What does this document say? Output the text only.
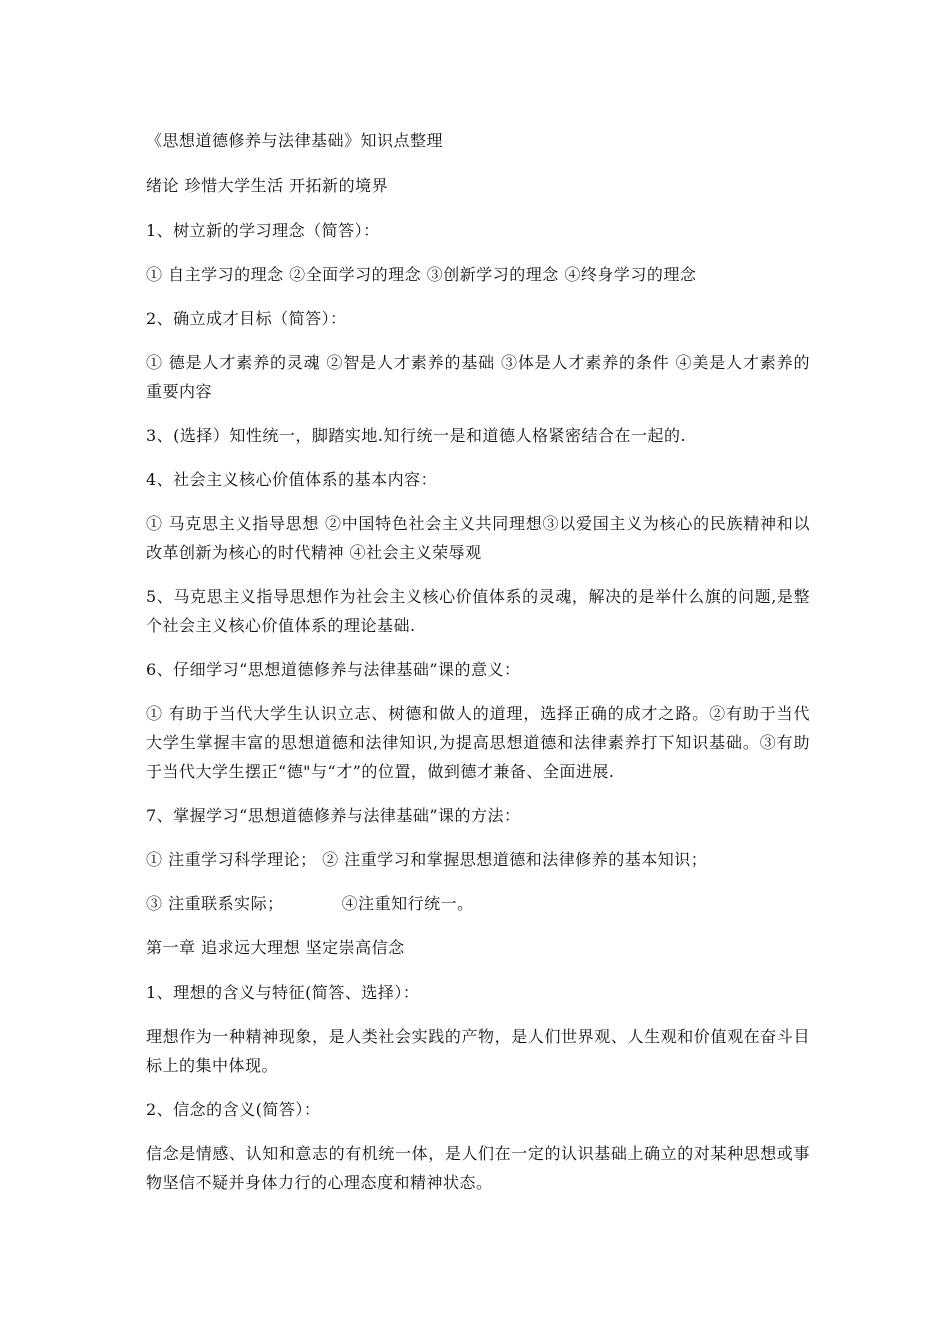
《思想道德修养与法律基础》知识点整理

绪论 珍惜大学生活 开拓新的境界

1、树立新的学习理念（简答）：

① 自主学习的理念 ②全面学习的理念 ③创新学习的理念 ④终身学习的理念

2、确立成才目标（简答）：

① 德是人才素养的灵魂 ②智是人才素养的基础 ③体是人才素养的条件 ④美是人才素养的重要内容

3、(选择）知性统一，脚踏实地.知行统一是和道德人格紧密结合在一起的.

4、社会主义核心价值体系的基本内容：

① 马克思主义指导思想 ②中国特色社会主义共同理想③以爱国主义为核心的民族精神和以改革创新为核心的时代精神 ④社会主义荣辱观

5、马克思主义指导思想作为社会主义核心价值体系的灵魂，解决的是举什么旗的问题,是整个社会主义核心价值体系的理论基础.

6、仔细学习“思想道德修养与法律基础”课的意义：

① 有助于当代大学生认识立志、树德和做人的道理，选择正确的成才之路。②有助于当代大学生掌握丰富的思想道德和法律知识,为提高思想道德和法律素养打下知识基础。③有助于当代大学生摆正“德"与“才”的位置，做到德才兼备、全面进展.

7、掌握学习“思想道德修养与法律基础”课的方法：

① 注重学习科学理论； ② 注重学习和掌握思想道德和法律修养的基本知识；

③ 注重联系实际；	④注重知行统一。

第一章 追求远大理想 坚定崇高信念

1、理想的含义与特征(简答、选择）：

理想作为一种精神现象，是人类社会实践的产物，是人们世界观、人生观和价值观在奋斗目标上的集中体现。

2、信念的含义(简答）：

信念是情感、认知和意志的有机统一体，是人们在一定的认识基础上确立的对某种思想或事物坚信不疑并身体力行的心理态度和精神状态。
